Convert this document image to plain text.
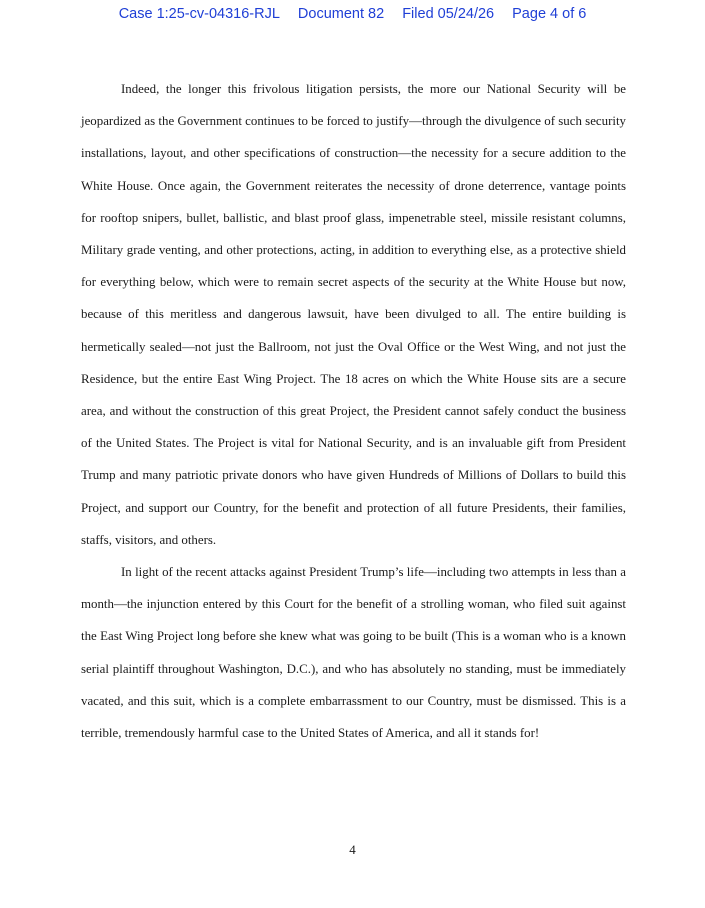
Case 1:25-cv-04316-RJL Document 82 Filed 05/24/26 Page 4 of 6

Indeed, the longer this frivolous litigation persists, the more our National Security will be jeopardized as the Government continues to be forced to justify—through the divulgence of such security installations, layout, and other specifications of construction—the necessity for a secure addition to the White House. Once again, the Government reiterates the necessity of drone deterrence, vantage points for rooftop snipers, bullet, ballistic, and blast proof glass, impenetrable steel, missile resistant columns, Military grade venting, and other protections, acting, in addition to everything else, as a protective shield for everything below, which were to remain secret aspects of the security at the White House but now, because of this meritless and dangerous lawsuit, have been divulged to all. The entire building is hermetically sealed—not just the Ballroom, not just the Oval Office or the West Wing, and not just the Residence, but the entire East Wing Project. The 18 acres on which the White House sits are a secure area, and without the construction of this great Project, the President cannot safely conduct the business of the United States. The Project is vital for National Security, and is an invaluable gift from President Trump and many patriotic private donors who have given Hundreds of Millions of Dollars to build this Project, and support our Country, for the benefit and protection of all future Presidents, their families, staffs, visitors, and others.

In light of the recent attacks against President Trump’s life—including two attempts in less than a month—the injunction entered by this Court for the benefit of a strolling woman, who filed suit against the East Wing Project long before she knew what was going to be built (This is a woman who is a known serial plaintiff throughout Washington, D.C.), and who has absolutely no standing, must be immediately vacated, and this suit, which is a complete embarrassment to our Country, must be dismissed. This is a terrible, tremendously harmful case to the United States of America, and all it stands for!

4
